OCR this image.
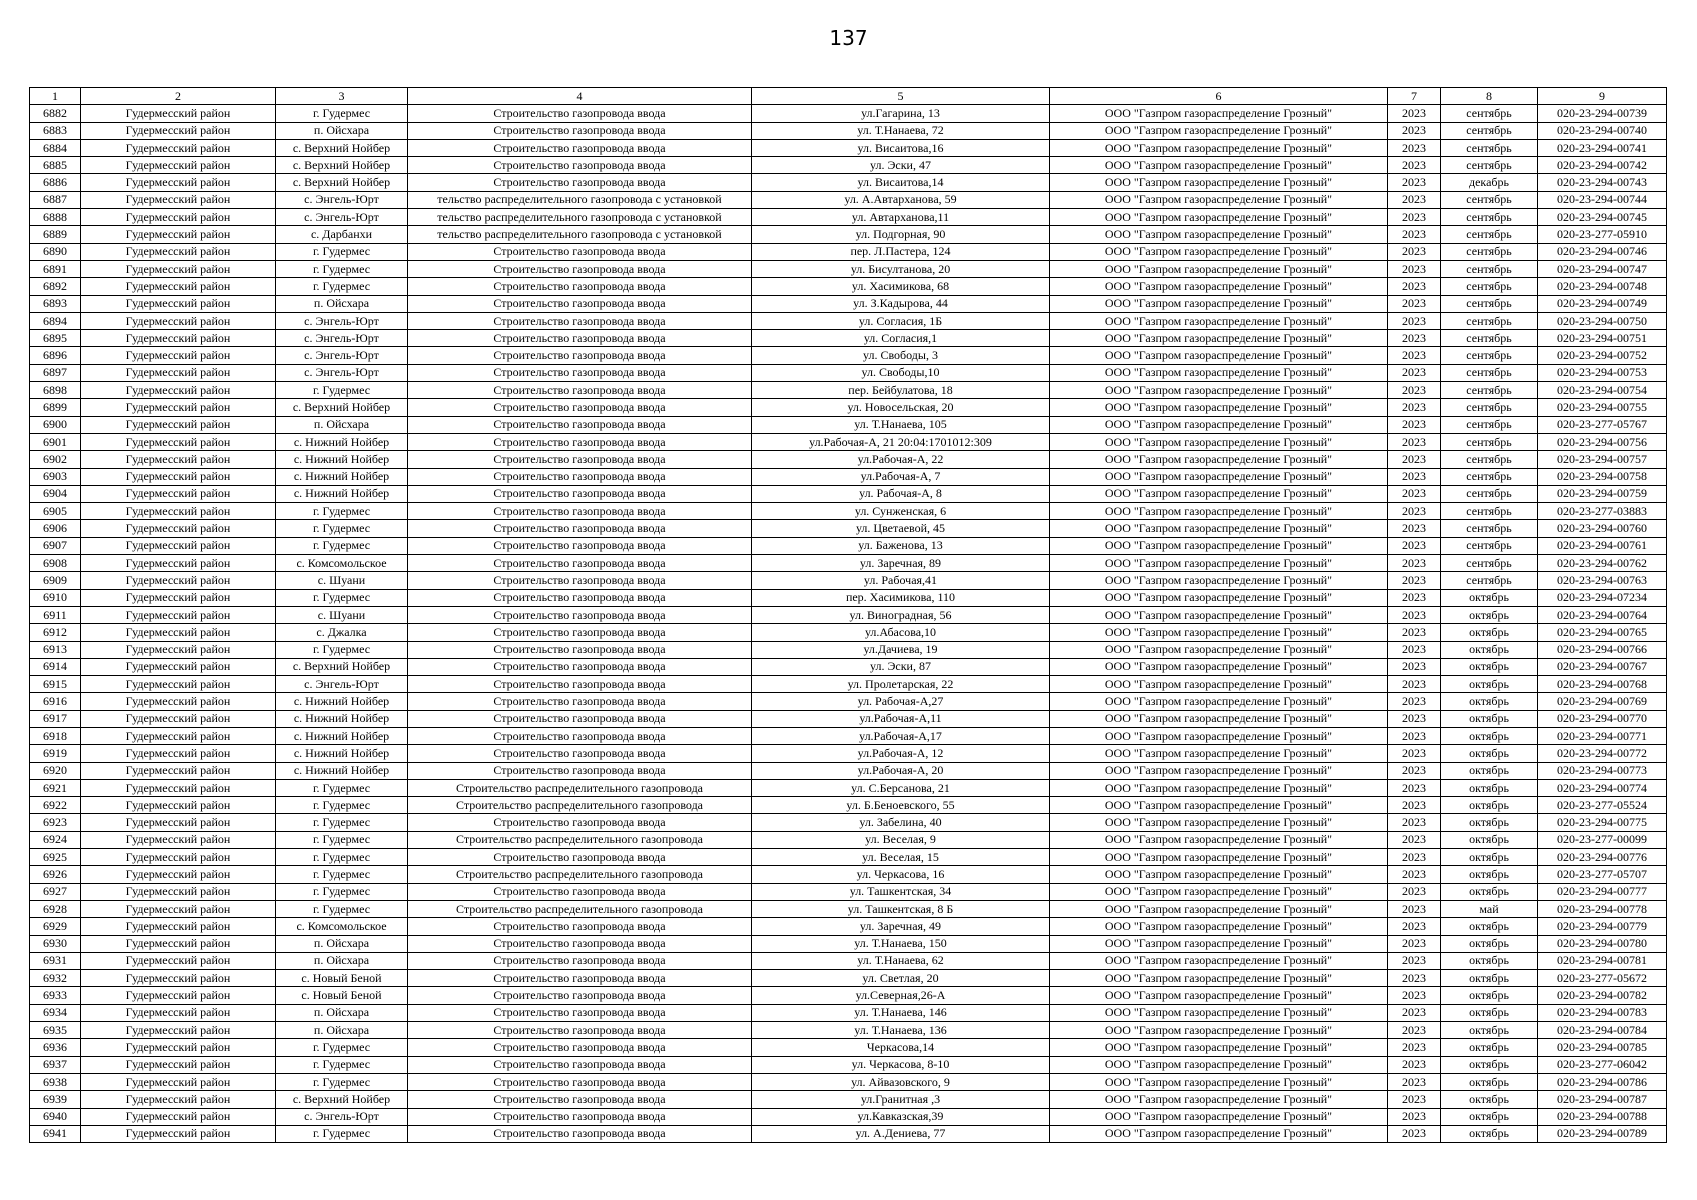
137
1	2	3	4	5	6	7	8	9
6882	Гудермесский район	г. Гудермес	Строительство газопровода ввода	ул.Гагарина, 13	ООО "Газпром газораспределение Грозный"	2023	сентябрь	020-23-294-00739
6883	Гудермесский район	п. Ойсхара	Строительство газопровода ввода	ул. Т.Нанаева, 72	ООО "Газпром газораспределение Грозный"	2023	сентябрь	020-23-294-00740
6884	Гудермесский район	с. Верхний Нойбер	Строительство газопровода ввода	ул. Висаитова,16	ООО "Газпром газораспределение Грозный"	2023	сентябрь	020-23-294-00741
6885	Гудермесский район	с. Верхний Нойбер	Строительство газопровода ввода	ул. Эски, 47	ООО "Газпром газораспределение Грозный"	2023	сентябрь	020-23-294-00742
6886	Гудермесский район	с. Верхний Нойбер	Строительство газопровода ввода	ул. Висаитова,14	ООО "Газпром газораспределение Грозный"	2023	декабрь	020-23-294-00743
6887	Гудермесский район	с. Энгель-Юрт	тельство распределительного газопровода с установкой	ул. А.Автарханова, 59	ООО "Газпром газораспределение Грозный"	2023	сентябрь	020-23-294-00744
6888	Гудермесский район	с. Энгель-Юрт	тельство распределительного газопровода с установкой	ул. Автарханова,11	ООО "Газпром газораспределение Грозный"	2023	сентябрь	020-23-294-00745
6889	Гудермесский район	с. Дарбанхи	тельство распределительного газопровода с установкой	ул. Подгорная, 90	ООО "Газпром газораспределение Грозный"	2023	сентябрь	020-23-277-05910
6890	Гудермесский район	г. Гудермес	Строительство газопровода ввода	пер. Л.Пастера, 124	ООО "Газпром газораспределение Грозный"	2023	сентябрь	020-23-294-00746
6891	Гудермесский район	г. Гудермес	Строительство газопровода ввода	ул. Бисултанова, 20	ООО "Газпром газораспределение Грозный"	2023	сентябрь	020-23-294-00747
6892	Гудермесский район	г. Гудермес	Строительство газопровода ввода	ул. Хасимикова, 68	ООО "Газпром газораспределение Грозный"	2023	сентябрь	020-23-294-00748
6893	Гудермесский район	п. Ойсхара	Строительство газопровода ввода	ул. З.Кадырова, 44	ООО "Газпром газораспределение Грозный"	2023	сентябрь	020-23-294-00749
6894	Гудермесский район	с. Энгель-Юрт	Строительство газопровода ввода	ул. Согласия, 1Б	ООО "Газпром газораспределение Грозный"	2023	сентябрь	020-23-294-00750
6895	Гудермесский район	с. Энгель-Юрт	Строительство газопровода ввода	ул. Согласия,1	ООО "Газпром газораспределение Грозный"	2023	сентябрь	020-23-294-00751
6896	Гудермесский район	с. Энгель-Юрт	Строительство газопровода ввода	ул. Свободы, 3	ООО "Газпром газораспределение Грозный"	2023	сентябрь	020-23-294-00752
6897	Гудермесский район	с. Энгель-Юрт	Строительство газопровода ввода	ул. Свободы,10	ООО "Газпром газораспределение Грозный"	2023	сентябрь	020-23-294-00753
6898	Гудермесский район	г. Гудермес	Строительство газопровода ввода	пер. Бейбулатова, 18	ООО "Газпром газораспределение Грозный"	2023	сентябрь	020-23-294-00754
6899	Гудермесский район	с. Верхний Нойбер	Строительство газопровода ввода	ул. Новосельская, 20	ООО "Газпром газораспределение Грозный"	2023	сентябрь	020-23-294-00755
6900	Гудермесский район	п. Ойсхара	Строительство газопровода ввода	ул. Т.Нанаева, 105	ООО "Газпром газораспределение Грозный"	2023	сентябрь	020-23-277-05767
6901	Гудермесский район	с. Нижний Нойбер	Строительство газопровода ввода	ул.Рабочая-А, 21 20:04:1701012:309	ООО "Газпром газораспределение Грозный"	2023	сентябрь	020-23-294-00756
6902	Гудермесский район	с. Нижний Нойбер	Строительство газопровода ввода	ул.Рабочая-А, 22	ООО "Газпром газораспределение Грозный"	2023	сентябрь	020-23-294-00757
6903	Гудермесский район	с. Нижний Нойбер	Строительство газопровода ввода	ул.Рабочая-А, 7	ООО "Газпром газораспределение Грозный"	2023	сентябрь	020-23-294-00758
6904	Гудермесский район	с. Нижний Нойбер	Строительство газопровода ввода	ул. Рабочая-А, 8	ООО "Газпром газораспределение Грозный"	2023	сентябрь	020-23-294-00759
6905	Гудермесский район	г. Гудермес	Строительство газопровода ввода	ул. Сунженская, 6	ООО "Газпром газораспределение Грозный"	2023	сентябрь	020-23-277-03883
6906	Гудермесский район	г. Гудермес	Строительство газопровода ввода	ул. Цветаевой, 45	ООО "Газпром газораспределение Грозный"	2023	сентябрь	020-23-294-00760
6907	Гудермесский район	г. Гудермес	Строительство газопровода ввода	ул. Баженова, 13	ООО "Газпром газораспределение Грозный"	2023	сентябрь	020-23-294-00761
6908	Гудермесский район	с. Комсомольское	Строительство газопровода ввода	ул. Заречная, 89	ООО "Газпром газораспределение Грозный"	2023	сентябрь	020-23-294-00762
6909	Гудермесский район	с. Шуани	Строительство газопровода ввода	ул. Рабочая,41	ООО "Газпром газораспределение Грозный"	2023	сентябрь	020-23-294-00763
6910	Гудермесский район	г. Гудермес	Строительство газопровода ввода	пер. Хасимикова, 110	ООО "Газпром газораспределение Грозный"	2023	октябрь	020-23-294-07234
6911	Гудермесский район	с. Шуани	Строительство газопровода ввода	ул. Виноградная, 56	ООО "Газпром газораспределение Грозный"	2023	октябрь	020-23-294-00764
6912	Гудермесский район	с. Джалка	Строительство газопровода ввода	ул.Абасова,10	ООО "Газпром газораспределение Грозный"	2023	октябрь	020-23-294-00765
6913	Гудермесский район	г. Гудермес	Строительство газопровода ввода	ул.Дачиева, 19	ООО "Газпром газораспределение Грозный"	2023	октябрь	020-23-294-00766
6914	Гудермесский район	с. Верхний Нойбер	Строительство газопровода ввода	ул. Эски, 87	ООО "Газпром газораспределение Грозный"	2023	октябрь	020-23-294-00767
6915	Гудермесский район	с. Энгель-Юрт	Строительство газопровода ввода	ул. Пролетарская, 22	ООО "Газпром газораспределение Грозный"	2023	октябрь	020-23-294-00768
6916	Гудермесский район	с. Нижний Нойбер	Строительство газопровода ввода	ул. Рабочая-А,27	ООО "Газпром газораспределение Грозный"	2023	октябрь	020-23-294-00769
6917	Гудермесский район	с. Нижний Нойбер	Строительство газопровода ввода	ул.Рабочая-А,11	ООО "Газпром газораспределение Грозный"	2023	октябрь	020-23-294-00770
6918	Гудермесский район	с. Нижний Нойбер	Строительство газопровода ввода	ул.Рабочая-А,17	ООО "Газпром газораспределение Грозный"	2023	октябрь	020-23-294-00771
6919	Гудермесский район	с. Нижний Нойбер	Строительство газопровода ввода	ул.Рабочая-А, 12	ООО "Газпром газораспределение Грозный"	2023	октябрь	020-23-294-00772
6920	Гудермесский район	с. Нижний Нойбер	Строительство газопровода ввода	ул.Рабочая-А, 20	ООО "Газпром газораспределение Грозный"	2023	октябрь	020-23-294-00773
6921	Гудермесский район	г. Гудермес	Строительство распределительного газопровода	ул. С.Берсанова, 21	ООО "Газпром газораспределение Грозный"	2023	октябрь	020-23-294-00774
6922	Гудермесский район	г. Гудермес	Строительство распределительного газопровода	ул. Б.Беноевского, 55	ООО "Газпром газораспределение Грозный"	2023	октябрь	020-23-277-05524
6923	Гудермесский район	г. Гудермес	Строительство газопровода ввода	ул. Забелина, 40	ООО "Газпром газораспределение Грозный"	2023	октябрь	020-23-294-00775
6924	Гудермесский район	г. Гудермес	Строительство распределительного газопровода	ул. Веселая, 9	ООО "Газпром газораспределение Грозный"	2023	октябрь	020-23-277-00099
6925	Гудермесский район	г. Гудермес	Строительство газопровода ввода	ул. Веселая, 15	ООО "Газпром газораспределение Грозный"	2023	октябрь	020-23-294-00776
6926	Гудермесский район	г. Гудермес	Строительство распределительного газопровода	ул. Черкасова, 16	ООО "Газпром газораспределение Грозный"	2023	октябрь	020-23-277-05707
6927	Гудермесский район	г. Гудермес	Строительство газопровода ввода	ул. Ташкентская, 34	ООО "Газпром газораспределение Грозный"	2023	октябрь	020-23-294-00777
6928	Гудермесский район	г. Гудермес	Строительство распределительного газопровода	ул. Ташкентская, 8 Б	ООО "Газпром газораспределение Грозный"	2023	май	020-23-294-00778
6929	Гудермесский район	с. Комсомольское	Строительство газопровода ввода	ул. Заречная, 49	ООО "Газпром газораспределение Грозный"	2023	октябрь	020-23-294-00779
6930	Гудермесский район	п. Ойсхара	Строительство газопровода ввода	ул. Т.Нанаева, 150	ООО "Газпром газораспределение Грозный"	2023	октябрь	020-23-294-00780
6931	Гудермесский район	п. Ойсхара	Строительство газопровода ввода	ул. Т.Нанаева, 62	ООО "Газпром газораспределение Грозный"	2023	октябрь	020-23-294-00781
6932	Гудермесский район	с. Новый Беной	Строительство газопровода ввода	ул. Светлая, 20	ООО "Газпром газораспределение Грозный"	2023	октябрь	020-23-277-05672
6933	Гудермесский район	с. Новый Беной	Строительство газопровода ввода	ул.Северная,26-А	ООО "Газпром газораспределение Грозный"	2023	октябрь	020-23-294-00782
6934	Гудермесский район	п. Ойсхара	Строительство газопровода ввода	ул. Т.Нанаева, 146	ООО "Газпром газораспределение Грозный"	2023	октябрь	020-23-294-00783
6935	Гудермесский район	п. Ойсхара	Строительство газопровода ввода	ул. Т.Нанаева, 136	ООО "Газпром газораспределение Грозный"	2023	октябрь	020-23-294-00784
6936	Гудермесский район	г. Гудермес	Строительство газопровода ввода	Черкасова,14	ООО "Газпром газораспределение Грозный"	2023	октябрь	020-23-294-00785
6937	Гудермесский район	г. Гудермес	Строительство газопровода ввода	ул. Черкасова, 8-10	ООО "Газпром газораспределение Грозный"	2023	октябрь	020-23-277-06042
6938	Гудермесский район	г. Гудермес	Строительство газопровода ввода	ул. Айвазовского, 9	ООО "Газпром газораспределение Грозный"	2023	октябрь	020-23-294-00786
6939	Гудермесский район	с. Верхний Нойбер	Строительство газопровода ввода	ул.Гранитная ,3	ООО "Газпром газораспределение Грозный"	2023	октябрь	020-23-294-00787
6940	Гудермесский район	с. Энгель-Юрт	Строительство газопровода ввода	ул.Кавказская,39	ООО "Газпром газораспределение Грозный"	2023	октябрь	020-23-294-00788
6941	Гудермесский район	г. Гудермес	Строительство газопровода ввода	ул. А.Дениева, 77	ООО "Газпром газораспределение Грозный"	2023	октябрь	020-23-294-00789
